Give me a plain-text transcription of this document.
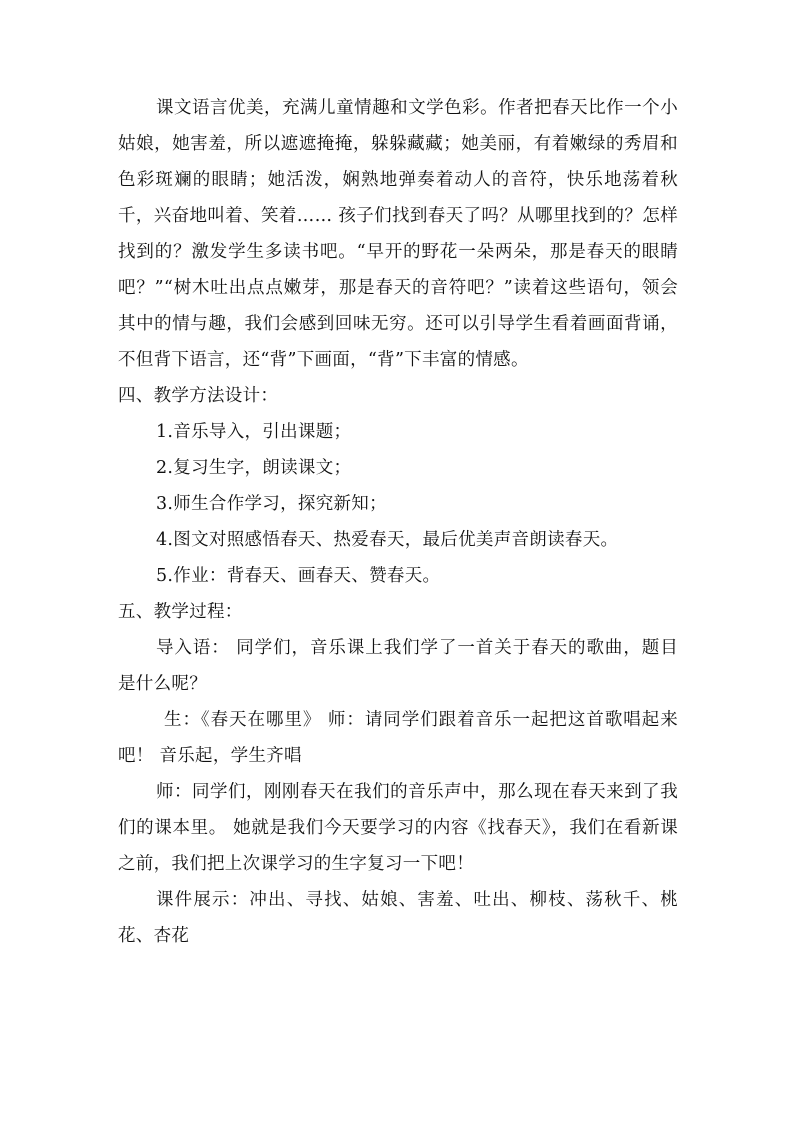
课文语言优美，充满儿童情趣和文学色彩。作者把春天比作一个小姑娘，她害羞，所以遮遮掩掩，躲躲藏藏；她美丽，有着嫩绿的秀眉和色彩斑斓的眼睛；她活泼，娴熟地弹奏着动人的音符，快乐地荡着秋千，兴奋地叫着、笑着…… 孩子们找到春天了吗？从哪里找到的？怎样找到的？激发学生多读书吧。“早开的野花一朵两朵，那是春天的眼睛吧？”“树木吐出点点嫩芽，那是春天的音符吧？”读着这些语句，领会其中的情与趣，我们会感到回味无穷。还可以引导学生看着画面背诵，不但背下语言，还“背”下画面，“背”下丰富的情感。

四、教学方法设计：

1.音乐导入，引出课题；

2.复习生字，朗读课文；

3.师生合作学习，探究新知；

4.图文对照感悟春天、热爱春天，最后优美声音朗读春天。

5.作业：背春天、画春天、赞春天。

五、教学过程：

导入语： 同学们，音乐课上我们学了一首关于春天的歌曲，题目是什么呢？

生：《春天在哪里》 师：请同学们跟着音乐一起把这首歌唱起来吧！ 音乐起，学生齐唱

师：同学们，刚刚春天在我们的音乐声中，那么现在春天来到了我们的课本里。 她就是我们今天要学习的内容《找春天》，我们在看新课之前，我们把上次课学习的生字复习一下吧！

课件展示：冲出、寻找、姑娘、害羞、吐出、柳枝、荡秋千、桃花、杏花
